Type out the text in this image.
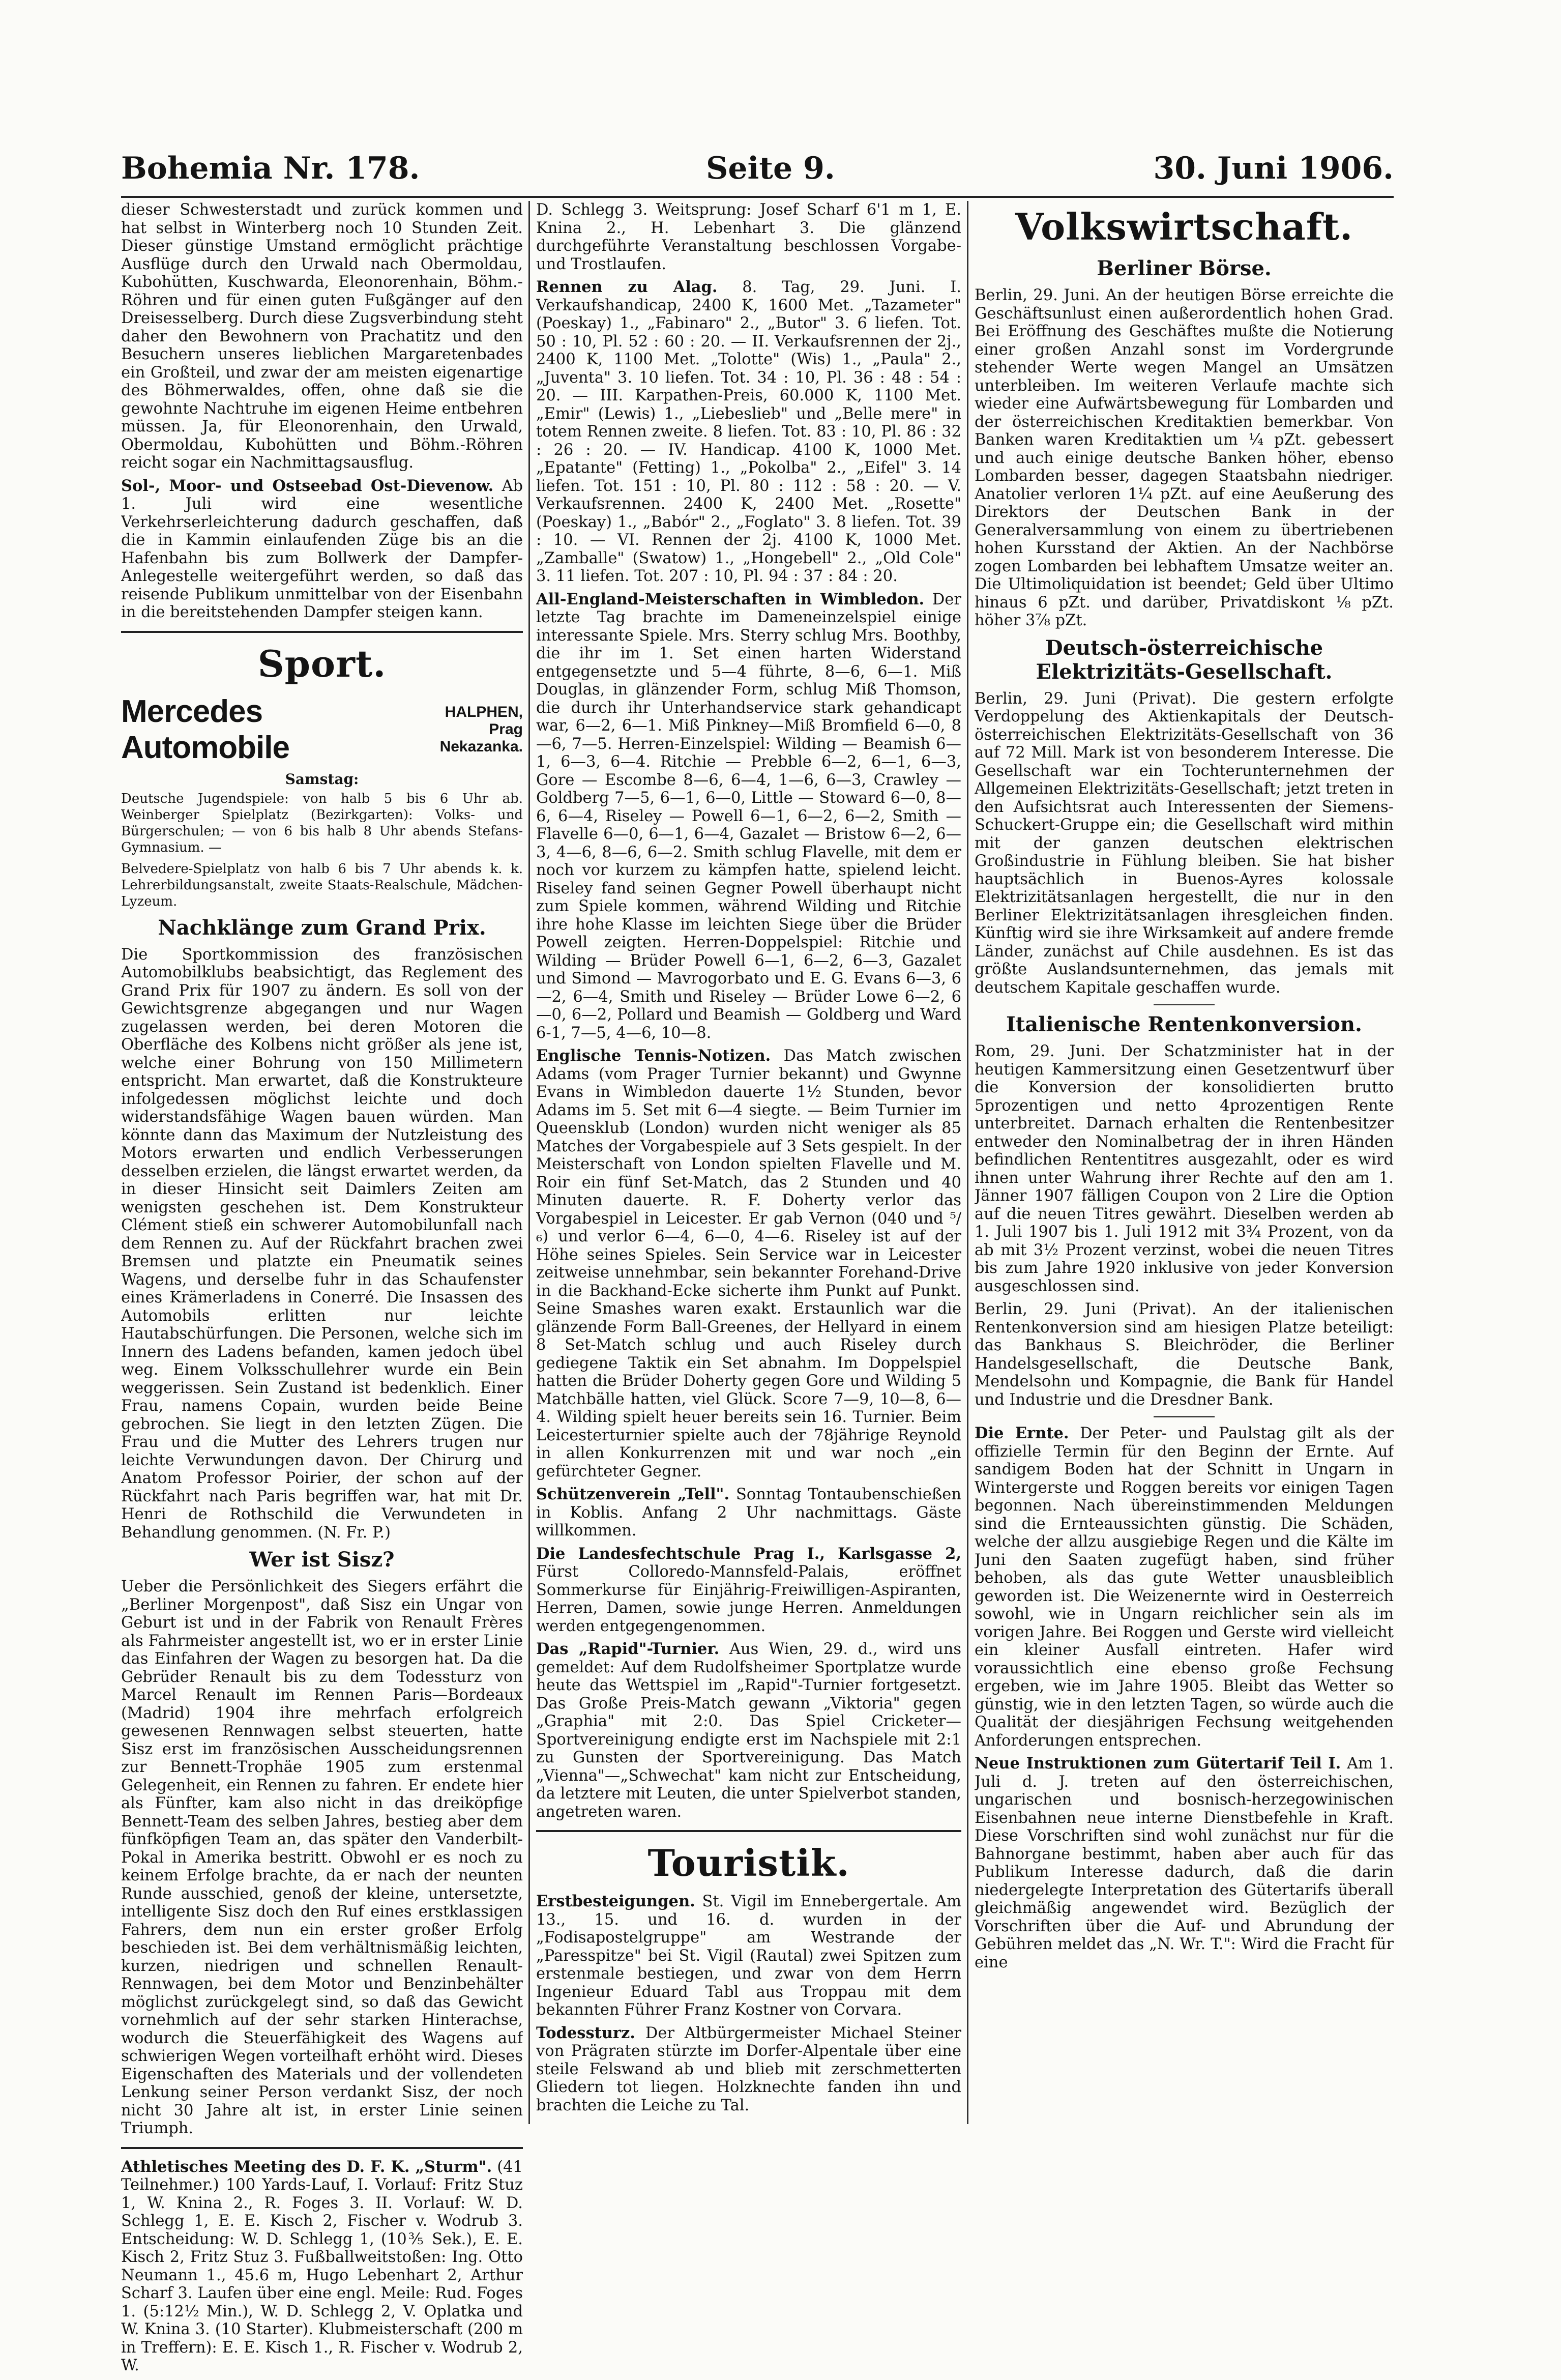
Bohemia Nr. 178.	Seite 9.	30. Juni 1906.

dieser Schwesterstadt und zurück kommen und hat selbst in Winterberg noch 10 Stunden Zeit. Dieser günstige Umstand ermöglicht prächtige Ausflüge durch den Urwald nach Obermoldau, Kubohütten, Kuschwarda, Eleonorenhain, Böhm.-Röhren und für einen guten Fußgänger auf den Dreisesselberg. Durch diese Zugsverbindung steht daher den Bewohnern von Prachatitz und den Besuchern unseres lieblichen Margaretenbades ein Großteil, und zwar der am meisten eigenartige des Böhmerwaldes, offen, ohne daß sie die gewohnte Nachtruhe im eigenen Heime entbehren müssen. Ja, für Eleonorenhain, den Urwald, Obermoldau, Kubohütten und Böhm.-Röhren reicht sogar ein Nachmittagsausflug.

Sol-, Moor- und Ostseebad Ost-Dievenow. Ab 1. Juli wird eine wesentliche Verkehrserleichterung dadurch geschaffen, daß die in Kammin einlaufenden Züge bis an die Hafenbahn bis zum Bollwerk der Dampfer-Anlegestelle weitergeführt werden, so daß das reisende Publikum unmittelbar von der Eisenbahn in die bereitstehenden Dampfer steigen kann.

Sport.
Mercedes Automobile
HALPHEN, Prag
Nekazanka.
Samstag:

Deutsche Jugendspiele: von halb 5 bis 6 Uhr ab. Weinberger Spielplatz (Bezirkgarten): Volks- und Bürgerschulen; — von 6 bis halb 8 Uhr abends Stefans-Gymnasium. —

Belvedere-Spielplatz von halb 6 bis 7 Uhr abends k. k. Lehrerbildungsanstalt, zweite Staats-Realschule, Mädchen-Lyzeum.

Nachklänge zum Grand Prix.

Die Sportkommission des französischen Automobilklubs beabsichtigt, das Reglement des Grand Prix für 1907 zu ändern. Es soll von der Gewichtsgrenze abgegangen und nur Wagen zugelassen werden, bei deren Motoren die Oberfläche des Kolbens nicht größer als jene ist, welche einer Bohrung von 150 Millimetern entspricht. Man erwartet, daß die Konstrukteure infolgedessen möglichst leichte und doch widerstandsfähige Wagen bauen würden. Man könnte dann das Maximum der Nutzleistung des Motors erwarten und endlich Verbesserungen desselben erzielen, die längst erwartet werden, da in dieser Hinsicht seit Daimlers Zeiten am wenigsten geschehen ist. Dem Konstrukteur Clément stieß ein schwerer Automobilunfall nach dem Rennen zu. Auf der Rückfahrt brachen zwei Bremsen und platzte ein Pneumatik seines Wagens, und derselbe fuhr in das Schaufenster eines Krämerladens in Conerré. Die Insassen des Automobils erlitten nur leichte Hautabschürfungen. Die Personen, welche sich im Innern des Ladens befanden, kamen jedoch übel weg. Einem Volksschullehrer wurde ein Bein weggerissen. Sein Zustand ist bedenklich. Einer Frau, namens Copain, wurden beide Beine gebrochen. Sie liegt in den letzten Zügen. Die Frau und die Mutter des Lehrers trugen nur leichte Verwundungen davon. Der Chirurg und Anatom Professor Poirier, der schon auf der Rückfahrt nach Paris begriffen war, hat mit Dr. Henri de Rothschild die Verwundeten in Behandlung genommen. (N. Fr. P.)

Wer ist Sisz?

Ueber die Persönlichkeit des Siegers erfährt die „Berliner Morgenpost", daß Sisz ein Ungar von Geburt ist und in der Fabrik von Renault Frères als Fahrmeister angestellt ist, wo er in erster Linie das Einfahren der Wagen zu besorgen hat. Da die Gebrüder Renault bis zu dem Todessturz von Marcel Renault im Rennen Paris—Bordeaux (Madrid) 1904 ihre mehrfach erfolgreich gewesenen Rennwagen selbst steuerten, hatte Sisz erst im französischen Ausscheidungsrennen zur Bennett-Trophäe 1905 zum erstenmal Gelegenheit, ein Rennen zu fahren. Er endete hier als Fünfter, kam also nicht in das dreiköpfige Bennett-Team des selben Jahres, bestieg aber dem fünfköpfigen Team an, das später den Vanderbilt-Pokal in Amerika bestritt. Obwohl er es noch zu keinem Erfolge brachte, da er nach der neunten Runde ausschied, genoß der kleine, untersetzte, intelligente Sisz doch den Ruf eines erstklassigen Fahrers, dem nun ein erster großer Erfolg beschieden ist. Bei dem verhältnismäßig leichten, kurzen, niedrigen und schnellen Renault-Rennwagen, bei dem Motor und Benzinbehälter möglichst zurückgelegt sind, so daß das Gewicht vornehmlich auf der sehr starken Hinterachse, wodurch die Steuerfähigkeit des Wagens auf schwierigen Wegen vorteilhaft erhöht wird. Dieses Eigenschaften des Materials und der vollendeten Lenkung seiner Person verdankt Sisz, der noch nicht 30 Jahre alt ist, in erster Linie seinen Triumph.

Athletisches Meeting des D. F. K. „Sturm". (41 Teilnehmer.) 100 Yards-Lauf, I. Vorlauf: Fritz Stuz 1, W. Knina 2., R. Foges 3. II. Vorlauf: W. D. Schlegg 1, E. E. Kisch 2, Fischer v. Wodrub 3. Entscheidung: W. D. Schlegg 1, (10⅗ Sek.), E. E. Kisch 2, Fritz Stuz 3. Fußballweitstoßen: Ing. Otto Neumann 1., 45.6 m, Hugo Lebenhart 2, Arthur Scharf 3. Laufen über eine engl. Meile: Rud. Foges 1. (5:12½ Min.), W. D. Schlegg 2, V. Oplatka und W. Knina 3. (10 Starter). Klubmeisterschaft (200 m in Treffern): E. E. Kisch 1., R. Fischer v. Wodrub 2, W.

D. Schlegg 3. Weitsprung: Josef Scharf 6'1 m 1, E. Knina 2., H. Lebenhart 3. Die glänzend durchgeführte Veranstaltung beschlossen Vorgabe- und Trostlaufen.

Rennen zu Alag. 8. Tag, 29. Juni. I. Verkaufshandicap, 2400 K, 1600 Met. „Tazameter" (Poeskay) 1., „Fabinaro" 2., „Butor" 3. 6 liefen. Tot. 50 : 10, Pl. 52 : 60 : 20. — II. Verkaufsrennen der 2j., 2400 K, 1100 Met. „Tolotte" (Wis) 1., „Paula" 2., „Juventa" 3. 10 liefen. Tot. 34 : 10, Pl. 36 : 48 : 54 : 20. — III. Karpathen-Preis, 60.000 K, 1100 Met. „Emir" (Lewis) 1., „Liebeslieb" und „Belle mere" in totem Rennen zweite. 8 liefen. Tot. 83 : 10, Pl. 86 : 32 : 26 : 20. — IV. Handicap. 4100 K, 1000 Met. „Epatante" (Fetting) 1., „Pokolba" 2., „Eifel" 3. 14 liefen. Tot. 151 : 10, Pl. 80 : 112 : 58 : 20. — V. Verkaufsrennen. 2400 K, 2400 Met. „Rosette" (Poeskay) 1., „Babór" 2., „Foglato" 3. 8 liefen. Tot. 39 : 10. — VI. Rennen der 2j. 4100 K, 1000 Met. „Zamballe" (Swatow) 1., „Hongebell" 2., „Old Cole" 3. 11 liefen. Tot. 207 : 10, Pl. 94 : 37 : 84 : 20.

All-England-Meisterschaften in Wimbledon. Der letzte Tag brachte im Dameneinzelspiel einige interessante Spiele. Mrs. Sterry schlug Mrs. Boothby, die ihr im 1. Set einen harten Widerstand entgegensetzte und 5—4 führte, 8—6, 6—1. Miß Douglas, in glänzender Form, schlug Miß Thomson, die durch ihr Unterhandservice stark gehandicapt war, 6—2, 6—1. Miß Pinkney—Miß Bromfield 6—0, 8—6, 7—5. Herren-Einzelspiel: Wilding — Beamish 6—1, 6—3, 6—4. Ritchie — Prebble 6—2, 6—1, 6—3, Gore — Escombe 8—6, 6—4, 1—6, 6—3, Crawley — Goldberg 7—5, 6—1, 6—0, Little — Stoward 6—0, 8—6, 6—4, Riseley — Powell 6—1, 6—2, 6—2, Smith — Flavelle 6—0, 6—1, 6—4, Gazalet — Bristow 6—2, 6—3, 4—6, 8—6, 6—2. Smith schlug Flavelle, mit dem er noch vor kurzem zu kämpfen hatte, spielend leicht. Riseley fand seinen Gegner Powell überhaupt nicht zum Spiele kommen, während Wilding und Ritchie ihre hohe Klasse im leichten Siege über die Brüder Powell zeigten. Herren-Doppelspiel: Ritchie und Wilding — Brüder Powell 6—1, 6—2, 6—3, Gazalet und Simond — Mavrogorbato und E. G. Evans 6—3, 6—2, 6—4, Smith und Riseley — Brüder Lowe 6—2, 6—0, 6—2, Pollard und Beamish — Goldberg und Ward 6-1, 7—5, 4—6, 10—8.

Englische Tennis-Notizen. Das Match zwischen Adams (vom Prager Turnier bekannt) und Gwynne Evans in Wimbledon dauerte 1½ Stunden, bevor Adams im 5. Set mit 6—4 siegte. — Beim Turnier im Queensklub (London) wurden nicht weniger als 85 Matches der Vorgabespiele auf 3 Sets gespielt. In der Meisterschaft von London spielten Flavelle und M. Roir ein fünf Set-Match, das 2 Stunden und 40 Minuten dauerte. R. F. Doherty verlor das Vorgabespiel in Leicester. Er gab Vernon (040 und ⁵/₆) und verlor 6—4, 6—0, 4—6. Riseley ist auf der Höhe seines Spieles. Sein Service war in Leicester zeitweise unnehmbar, sein bekannter Forehand-Drive in die Backhand-Ecke sicherte ihm Punkt auf Punkt. Seine Smashes waren exakt. Erstaunlich war die glänzende Form Ball-Greenes, der Hellyard in einem 8 Set-Match schlug und auch Riseley durch gediegene Taktik ein Set abnahm. Im Doppelspiel hatten die Brüder Doherty gegen Gore und Wilding 5 Matchbälle hatten, viel Glück. Score 7—9, 10—8, 6—4. Wilding spielt heuer bereits sein 16. Turnier. Beim Leicesterturnier spielte auch der 78jährige Reynold in allen Konkurrenzen mit und war noch „ein gefürchteter Gegner.

Schützenverein „Tell". Sonntag Tontaubenschießen in Koblis. Anfang 2 Uhr nachmittags. Gäste willkommen.

Die Landesfechtschule Prag I., Karlsgasse 2, Fürst Colloredo-Mannsfeld-Palais, eröffnet Sommerkurse für Einjährig-Freiwilligen-Aspiranten, Herren, Damen, sowie junge Herren. Anmeldungen werden entgegengenommen.

Das „Rapid"-Turnier. Aus Wien, 29. d., wird uns gemeldet: Auf dem Rudolfsheimer Sportplatze wurde heute das Wettspiel im „Rapid"-Turnier fortgesetzt. Das Große Preis-Match gewann „Viktoria" gegen „Graphia" mit 2:0. Das Spiel Cricketer—Sportvereinigung endigte erst im Nachspiele mit 2:1 zu Gunsten der Sportvereinigung. Das Match „Vienna"—„Schwechat" kam nicht zur Entscheidung, da letztere mit Leuten, die unter Spielverbot standen, angetreten waren.

Touristik.

Erstbesteigungen. St. Vigil im Ennebergertale. Am 13., 15. und 16. d. wurden in der „Fodisapostelgruppe" am Westrande der „Paresspitze" bei St. Vigil (Rautal) zwei Spitzen zum erstenmale bestiegen, und zwar von dem Herrn Ingenieur Eduard Tabl aus Troppau mit dem bekannten Führer Franz Kostner von Corvara.

Todessturz. Der Altbürgermeister Michael Steiner von Prägraten stürzte im Dorfer-Alpentale über eine steile Felswand ab und blieb mit zerschmetterten Gliedern tot liegen. Holzknechte fanden ihn und brachten die Leiche zu Tal.

Volkswirtschaft.
Berliner Börse.

Berlin, 29. Juni. An der heutigen Börse erreichte die Geschäftsunlust einen außerordentlich hohen Grad. Bei Eröffnung des Geschäftes mußte die Notierung einer großen Anzahl sonst im Vordergrunde stehender Werte wegen Mangel an Umsätzen unterbleiben. Im weiteren Verlaufe machte sich wieder eine Aufwärtsbewegung für Lombarden und der österreichischen Kreditaktien bemerkbar. Von Banken waren Kreditaktien um ¼ pZt. gebessert und auch einige deutsche Banken höher, ebenso Lombarden besser, dagegen Staatsbahn niedriger. Anatolier verloren 1¼ pZt. auf eine Aeußerung des Direktors der Deutschen Bank in der Generalversammlung von einem zu übertriebenen hohen Kursstand der Aktien. An der Nachbörse zogen Lombarden bei lebhaftem Umsatze weiter an. Die Ultimoliquidation ist beendet; Geld über Ultimo hinaus 6 pZt. und darüber, Privatdiskont ⅛ pZt. höher 3⅞ pZt.

Deutsch-österreichische Elektrizitäts-Gesellschaft.

Berlin, 29. Juni (Privat). Die gestern erfolgte Verdoppelung des Aktienkapitals der Deutsch-österreichischen Elektrizitäts-Gesellschaft von 36 auf 72 Mill. Mark ist von besonderem Interesse. Die Gesellschaft war ein Tochterunternehmen der Allgemeinen Elektrizitäts-Gesellschaft; jetzt treten in den Aufsichtsrat auch Interessenten der Siemens-Schuckert-Gruppe ein; die Gesellschaft wird mithin mit der ganzen deutschen elektrischen Großindustrie in Fühlung bleiben. Sie hat bisher hauptsächlich in Buenos-Ayres kolossale Elektrizitätsanlagen hergestellt, die nur in den Berliner Elektrizitätsanlagen ihresgleichen finden. Künftig wird sie ihre Wirksamkeit auf andere fremde Länder, zunächst auf Chile ausdehnen. Es ist das größte Auslandsunternehmen, das jemals mit deutschem Kapitale geschaffen wurde.

Italienische Rentenkonversion.

Rom, 29. Juni. Der Schatzminister hat in der heutigen Kammersitzung einen Gesetzentwurf über die Konversion der konsolidierten brutto 5prozentigen und netto 4prozentigen Rente unterbreitet. Darnach erhalten die Rentenbesitzer entweder den Nominalbetrag der in ihren Händen befindlichen Rententitres ausgezahlt, oder es wird ihnen unter Wahrung ihrer Rechte auf den am 1. Jänner 1907 fälligen Coupon von 2 Lire die Option auf die neuen Titres gewährt. Dieselben werden ab 1. Juli 1907 bis 1. Juli 1912 mit 3¾ Prozent, von da ab mit 3½ Prozent verzinst, wobei die neuen Titres bis zum Jahre 1920 inklusive von jeder Konversion ausgeschlossen sind.

Berlin, 29. Juni (Privat). An der italienischen Rentenkonversion sind am hiesigen Platze beteiligt: das Bankhaus S. Bleichröder, die Berliner Handelsgesellschaft, die Deutsche Bank, Mendelsohn und Kompagnie, die Bank für Handel und Industrie und die Dresdner Bank.

Die Ernte. Der Peter- und Paulstag gilt als der offizielle Termin für den Beginn der Ernte. Auf sandigem Boden hat der Schnitt in Ungarn in Wintergerste und Roggen bereits vor einigen Tagen begonnen. Nach übereinstimmenden Meldungen sind die Ernteaussichten günstig. Die Schäden, welche der allzu ausgiebige Regen und die Kälte im Juni den Saaten zugefügt haben, sind früher behoben, als das gute Wetter unausbleiblich geworden ist. Die Weizenernte wird in Oesterreich sowohl, wie in Ungarn reichlicher sein als im vorigen Jahre. Bei Roggen und Gerste wird vielleicht ein kleiner Ausfall eintreten. Hafer wird voraussichtlich eine ebenso große Fechsung ergeben, wie im Jahre 1905. Bleibt das Wetter so günstig, wie in den letzten Tagen, so würde auch die Qualität der diesjährigen Fechsung weitgehenden Anforderungen entsprechen.

Neue Instruktionen zum Gütertarif Teil I. Am 1. Juli d. J. treten auf den österreichischen, ungarischen und bosnisch-herzegowinischen Eisenbahnen neue interne Dienstbefehle in Kraft. Diese Vorschriften sind wohl zunächst nur für die Bahnorgane bestimmt, haben aber auch für das Publikum Interesse dadurch, daß die darin niedergelegte Interpretation des Gütertarifs überall gleichmäßig angewendet wird. Bezüglich der Vorschriften über die Auf- und Abrundung der Gebühren meldet das „N. Wr. T.": Wird die Fracht für eine
